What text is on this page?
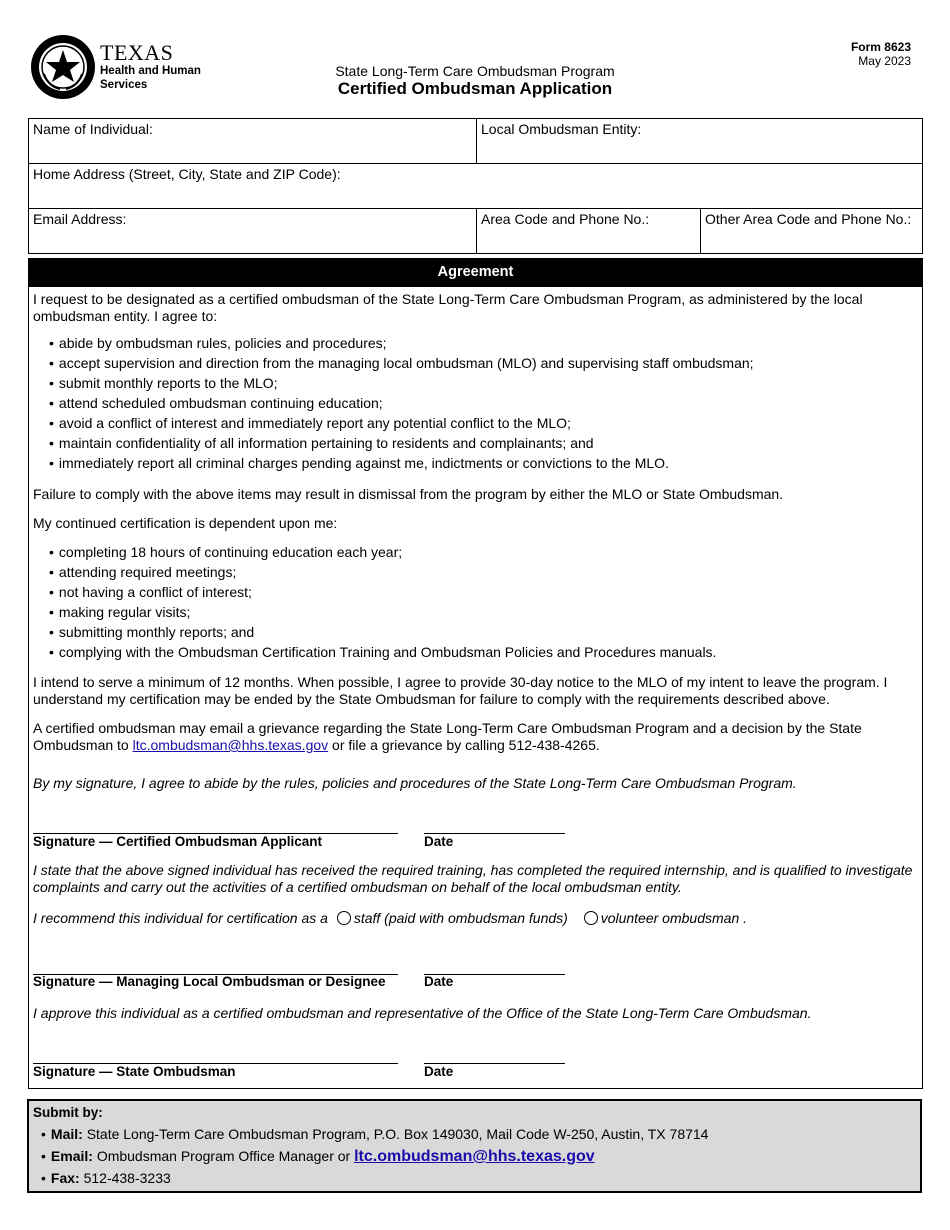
TEXAS
Health and Human
Services
State Long-Term Care Ombudsman Program
Certified Ombudsman Application
Form 8623
May 2023
Name of Individual:	Local Ombudsman Entity:	
Home Address (Street, City, State and ZIP Code):		
Email Address:	Area Code and Phone No.:	Other Area Code and Phone No.:
Agreement
I request to be designated as a certified ombudsman of the State Long-Term Care Ombudsman Program, as administered by the local ombudsman entity. I agree to:
• abide by ombudsman rules, policies and procedures;
• accept supervision and direction from the managing local ombudsman (MLO) and supervising staff ombudsman;
• submit monthly reports to the MLO;
• attend scheduled ombudsman continuing education;
• avoid a conflict of interest and immediately report any potential conflict to the MLO;
• maintain confidentiality of all information pertaining to residents and complainants; and
• immediately report all criminal charges pending against me, indictments or convictions to the MLO.
Failure to comply with the above items may result in dismissal from the program by either the MLO or State Ombudsman.
My continued certification is dependent upon me:
• completing 18 hours of continuing education each year;
• attending required meetings;
• not having a conflict of interest;
• making regular visits;
• submitting monthly reports; and
• complying with the Ombudsman Certification Training and Ombudsman Policies and Procedures manuals.
I intend to serve a minimum of 12 months. When possible, I agree to provide 30-day notice to the MLO of my intent to leave the program. I understand my certification may be ended by the State Ombudsman for failure to comply with the requirements described above.
A certified ombudsman may email a grievance regarding the State Long-Term Care Ombudsman Program and a decision by the State Ombudsman to ltc.ombudsman@hhs.texas.gov or file a grievance by calling 512-438-4265.
By my signature, I agree to abide by the rules, policies and procedures of the State Long-Term Care Ombudsman Program.
Signature — Certified Ombudsman Applicant	Date
I state that the above signed individual has received the required training, has completed the required internship, and is qualified to investigate complaints and carry out the activities of a certified ombudsman on behalf of the local ombudsman entity.
I recommend this individual for certification as a staff (paid with ombudsman funds) volunteer ombudsman .
Signature — Managing Local Ombudsman or Designee	Date
I approve this individual as a certified ombudsman and representative of the Office of the State Long-Term Care Ombudsman.
Signature — State Ombudsman	Date
Submit by:
• Mail: State Long-Term Care Ombudsman Program, P.O. Box 149030, Mail Code W-250, Austin, TX 78714
• Email: Ombudsman Program Office Manager or ltc.ombudsman@hhs.texas.gov
• Fax: 512-438-3233
